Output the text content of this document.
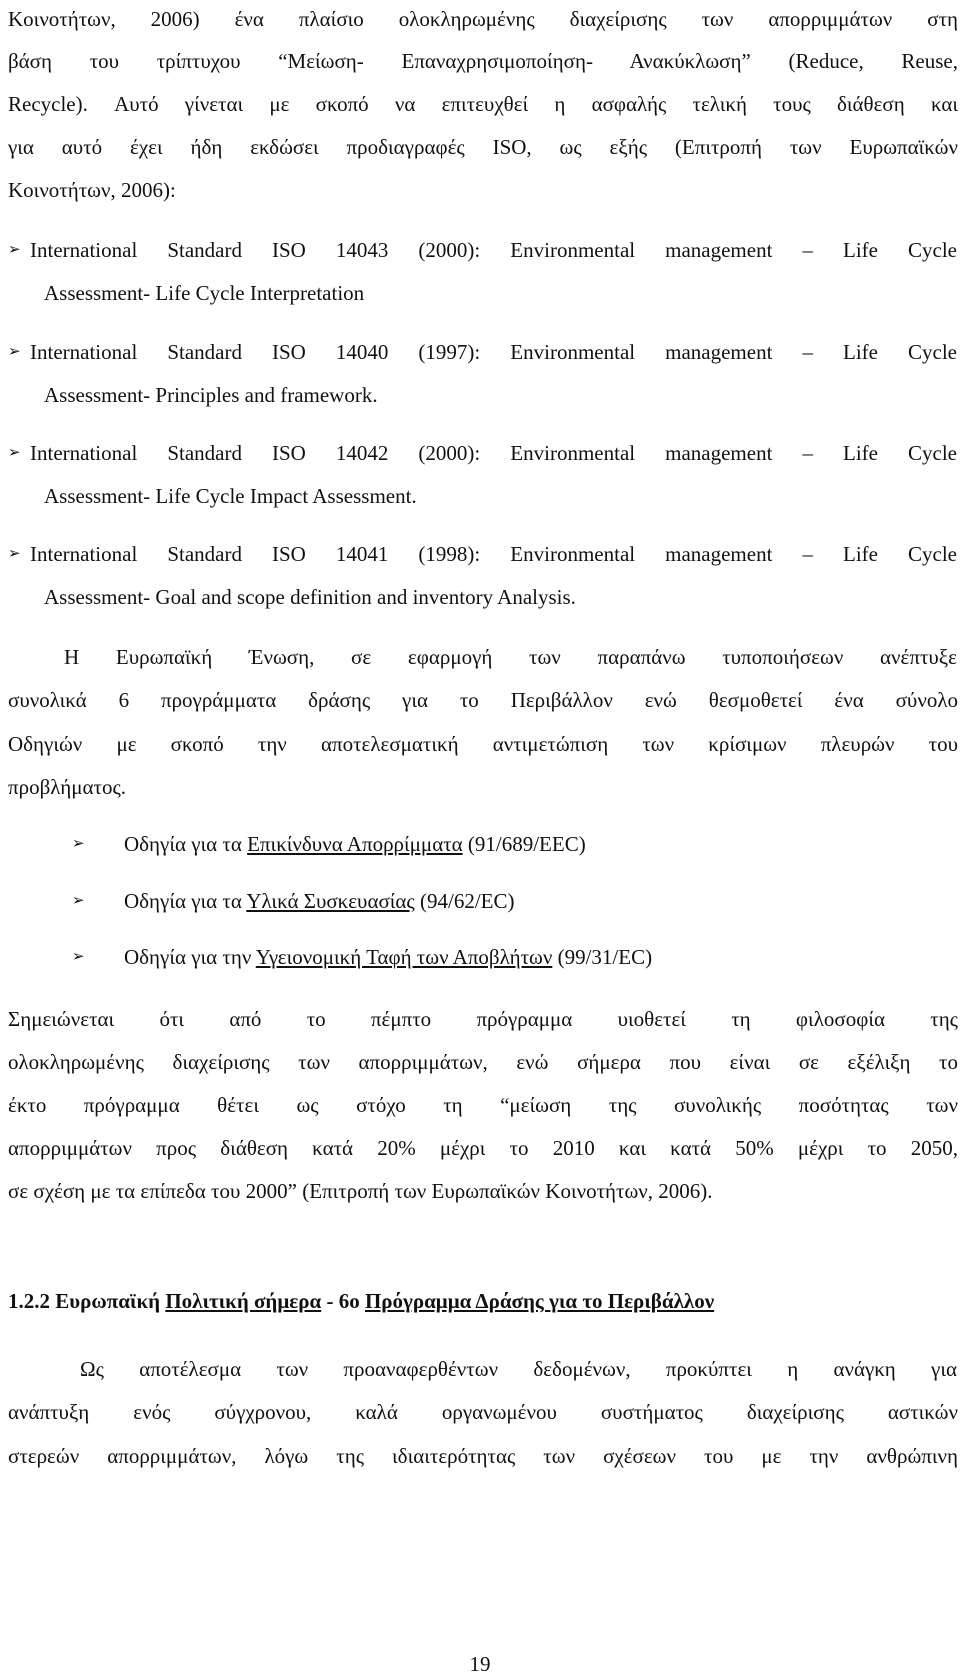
Κοινοτήτων, 2006) ένα πλαίσιο ολοκληρωμένης διαχείρισης των απορριμμάτων στη
βάση του τρίπτυχου “Μείωση- Επαναχρησιμοποίηση- Ανακύκλωση” (Reduce, Reuse,
Recycle). Αυτό γίνεται με σκοπό να επιτευχθεί η ασφαλής τελική τους διάθεση και
για αυτό έχει ήδη εκδώσει προδιαγραφές ISO, ως εξής (Επιτροπή των Ευρωπαϊκών
Κοινοτήτων, 2006):
➢ International Standard ISO 14043 (2000): Environmental management – Life Cycle
Assessment- Life Cycle Interpretation
➢ International Standard ISO 14040 (1997): Environmental management – Life Cycle
Assessment- Principles and framework.
➢ International Standard ISO 14042 (2000): Environmental management – Life Cycle
Assessment- Life Cycle Impact Assessment.
➢ International Standard ISO 14041 (1998): Environmental management – Life Cycle
Assessment- Goal and scope definition and inventory Analysis.
Η Ευρωπαϊκή Ένωση, σε εφαρμογή των παραπάνω τυποποιήσεων ανέπτυξε
συνολικά 6 προγράμματα δράσης για το Περιβάλλον ενώ θεσμοθετεί ένα σύνολο
Οδηγιών με σκοπό την αποτελεσματική αντιμετώπιση των κρίσιμων πλευρών του
προβλήματος.
➢ Οδηγία για τα Επικίνδυνα Απορρίμματα (91/689/EEC)
➢ Οδηγία για τα Υλικά Συσκευασίας (94/62/EC)
➢ Οδηγία για την Υγειονομική Ταφή των Αποβλήτων (99/31/EC)
Σημειώνεται ότι από το πέμπτο πρόγραμμα υιοθετεί τη φιλοσοφία της
ολοκληρωμένης διαχείρισης των απορριμμάτων, ενώ σήμερα που είναι σε εξέλιξη το
έκτο πρόγραμμα θέτει ως στόχο τη “μείωση της συνολικής ποσότητας των
απορριμμάτων προς διάθεση κατά 20% μέχρι το 2010 και κατά 50% μέχρι το 2050,
σε σχέση με τα επίπεδα του 2000” (Επιτροπή των Ευρωπαϊκών Κοινοτήτων, 2006).
1.2.2 Ευρωπαϊκή Πολιτική σήμερα - 6ο Πρόγραμμα Δράσης για το Περιβάλλον
Ως αποτέλεσμα των προαναφερθέντων δεδομένων, προκύπτει η ανάγκη για
ανάπτυξη ενός σύγχρονου, καλά οργανωμένου συστήματος διαχείρισης αστικών
στερεών απορριμμάτων, λόγω της ιδιαιτερότητας των σχέσεων του με την ανθρώπινη
19
